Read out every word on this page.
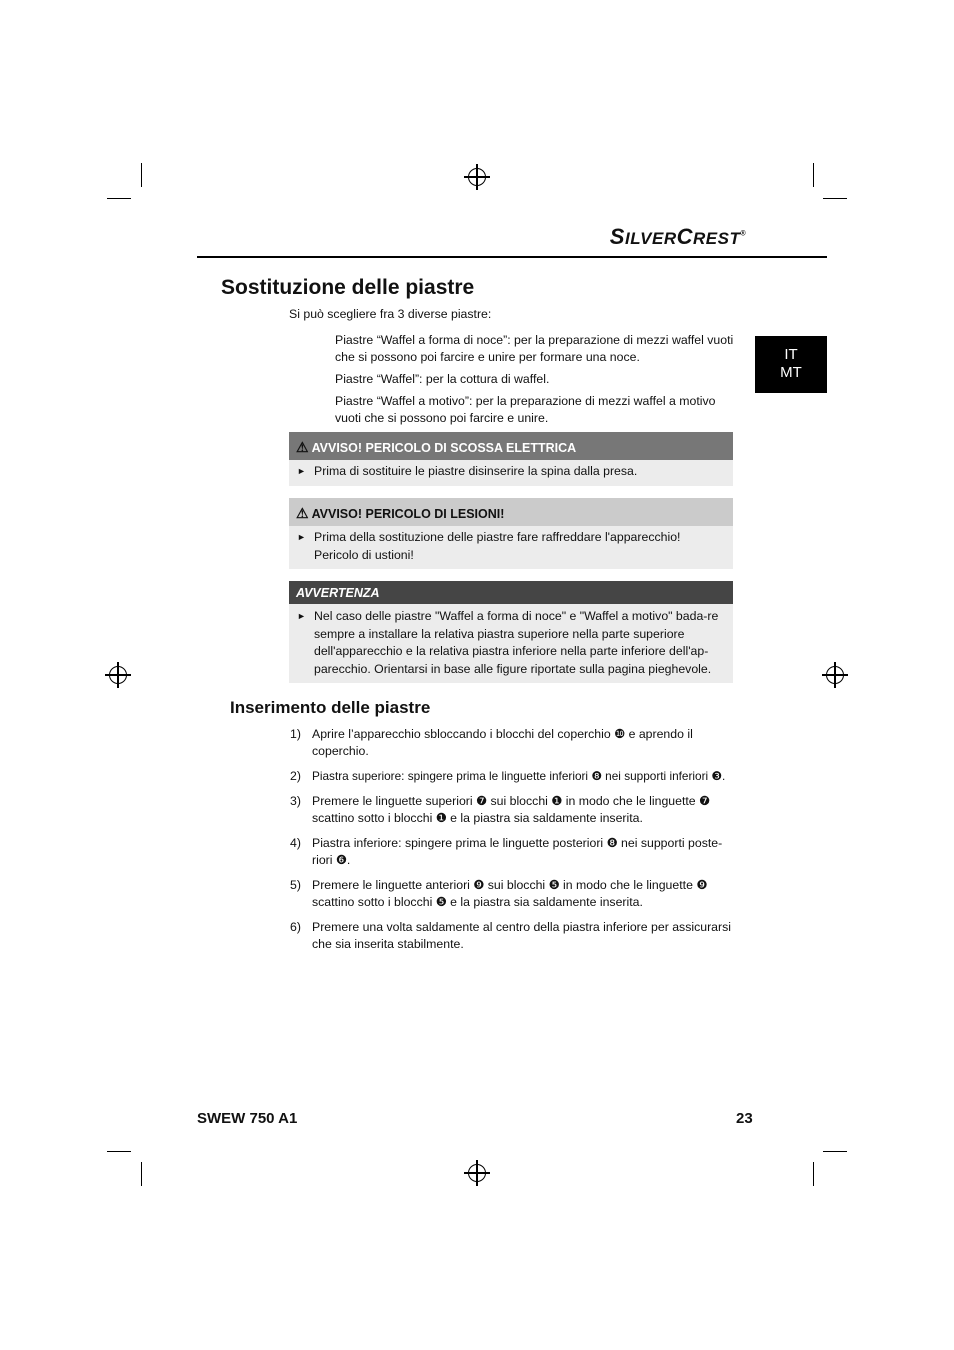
SILVERCREST®
IT
MT
Sostituzione delle piastre
Si può scegliere fra 3 diverse piastre:
Piastre “Waffel a forma di noce”: per la preparazione di mezzi waffel vuoti che si possono poi farcire e unire per formare una noce.
Piastre “Waffel”: per la cottura di waffel.
Piastre “Waffel a motivo”: per la preparazione di mezzi waffel a motivo vuoti che si possono poi farcire e unire.
⚠ AVVISO! PERICOLO DI SCOSSA ELETTRICA
► Prima di sostituire le piastre disinserire la spina dalla presa.
⚠ AVVISO! PERICOLO DI LESIONI!
► Prima della sostituzione delle piastre fare raffreddare l'apparecchio! Pericolo di ustioni!
AVVERTENZA
► Nel caso delle piastre "Waffel a forma di noce" e "Waffel a motivo" bada-re sempre a installare la relativa piastra superiore nella parte superiore dell'apparecchio e la relativa piastra inferiore nella parte inferiore dell'ap-parecchio. Orientarsi in base alle figure riportate sulla pagina pieghevole.
Inserimento delle piastre
1) Aprire l’apparecchio sbloccando i blocchi del coperchio ❿ e aprendo il coperchio.
2) Piastra superiore: spingere prima le linguette inferiori ❽ nei supporti inferiori ❸.
3) Premere le linguette superiori ❼ sui blocchi ❶ in modo che le linguette ❼ scattino sotto i blocchi ❶ e la piastra sia saldamente inserita.
4) Piastra inferiore: spingere prima le linguette posteriori ❽ nei supporti poste-riori ❻.
5) Premere le linguette anteriori ❾ sui blocchi ❺ in modo che le linguette ❾ scattino sotto i blocchi ❺ e la piastra sia saldamente inserita.
6) Premere una volta saldamente al centro della piastra inferiore per assicurarsi che sia inserita stabilmente.
SWEW 750 A1	23
